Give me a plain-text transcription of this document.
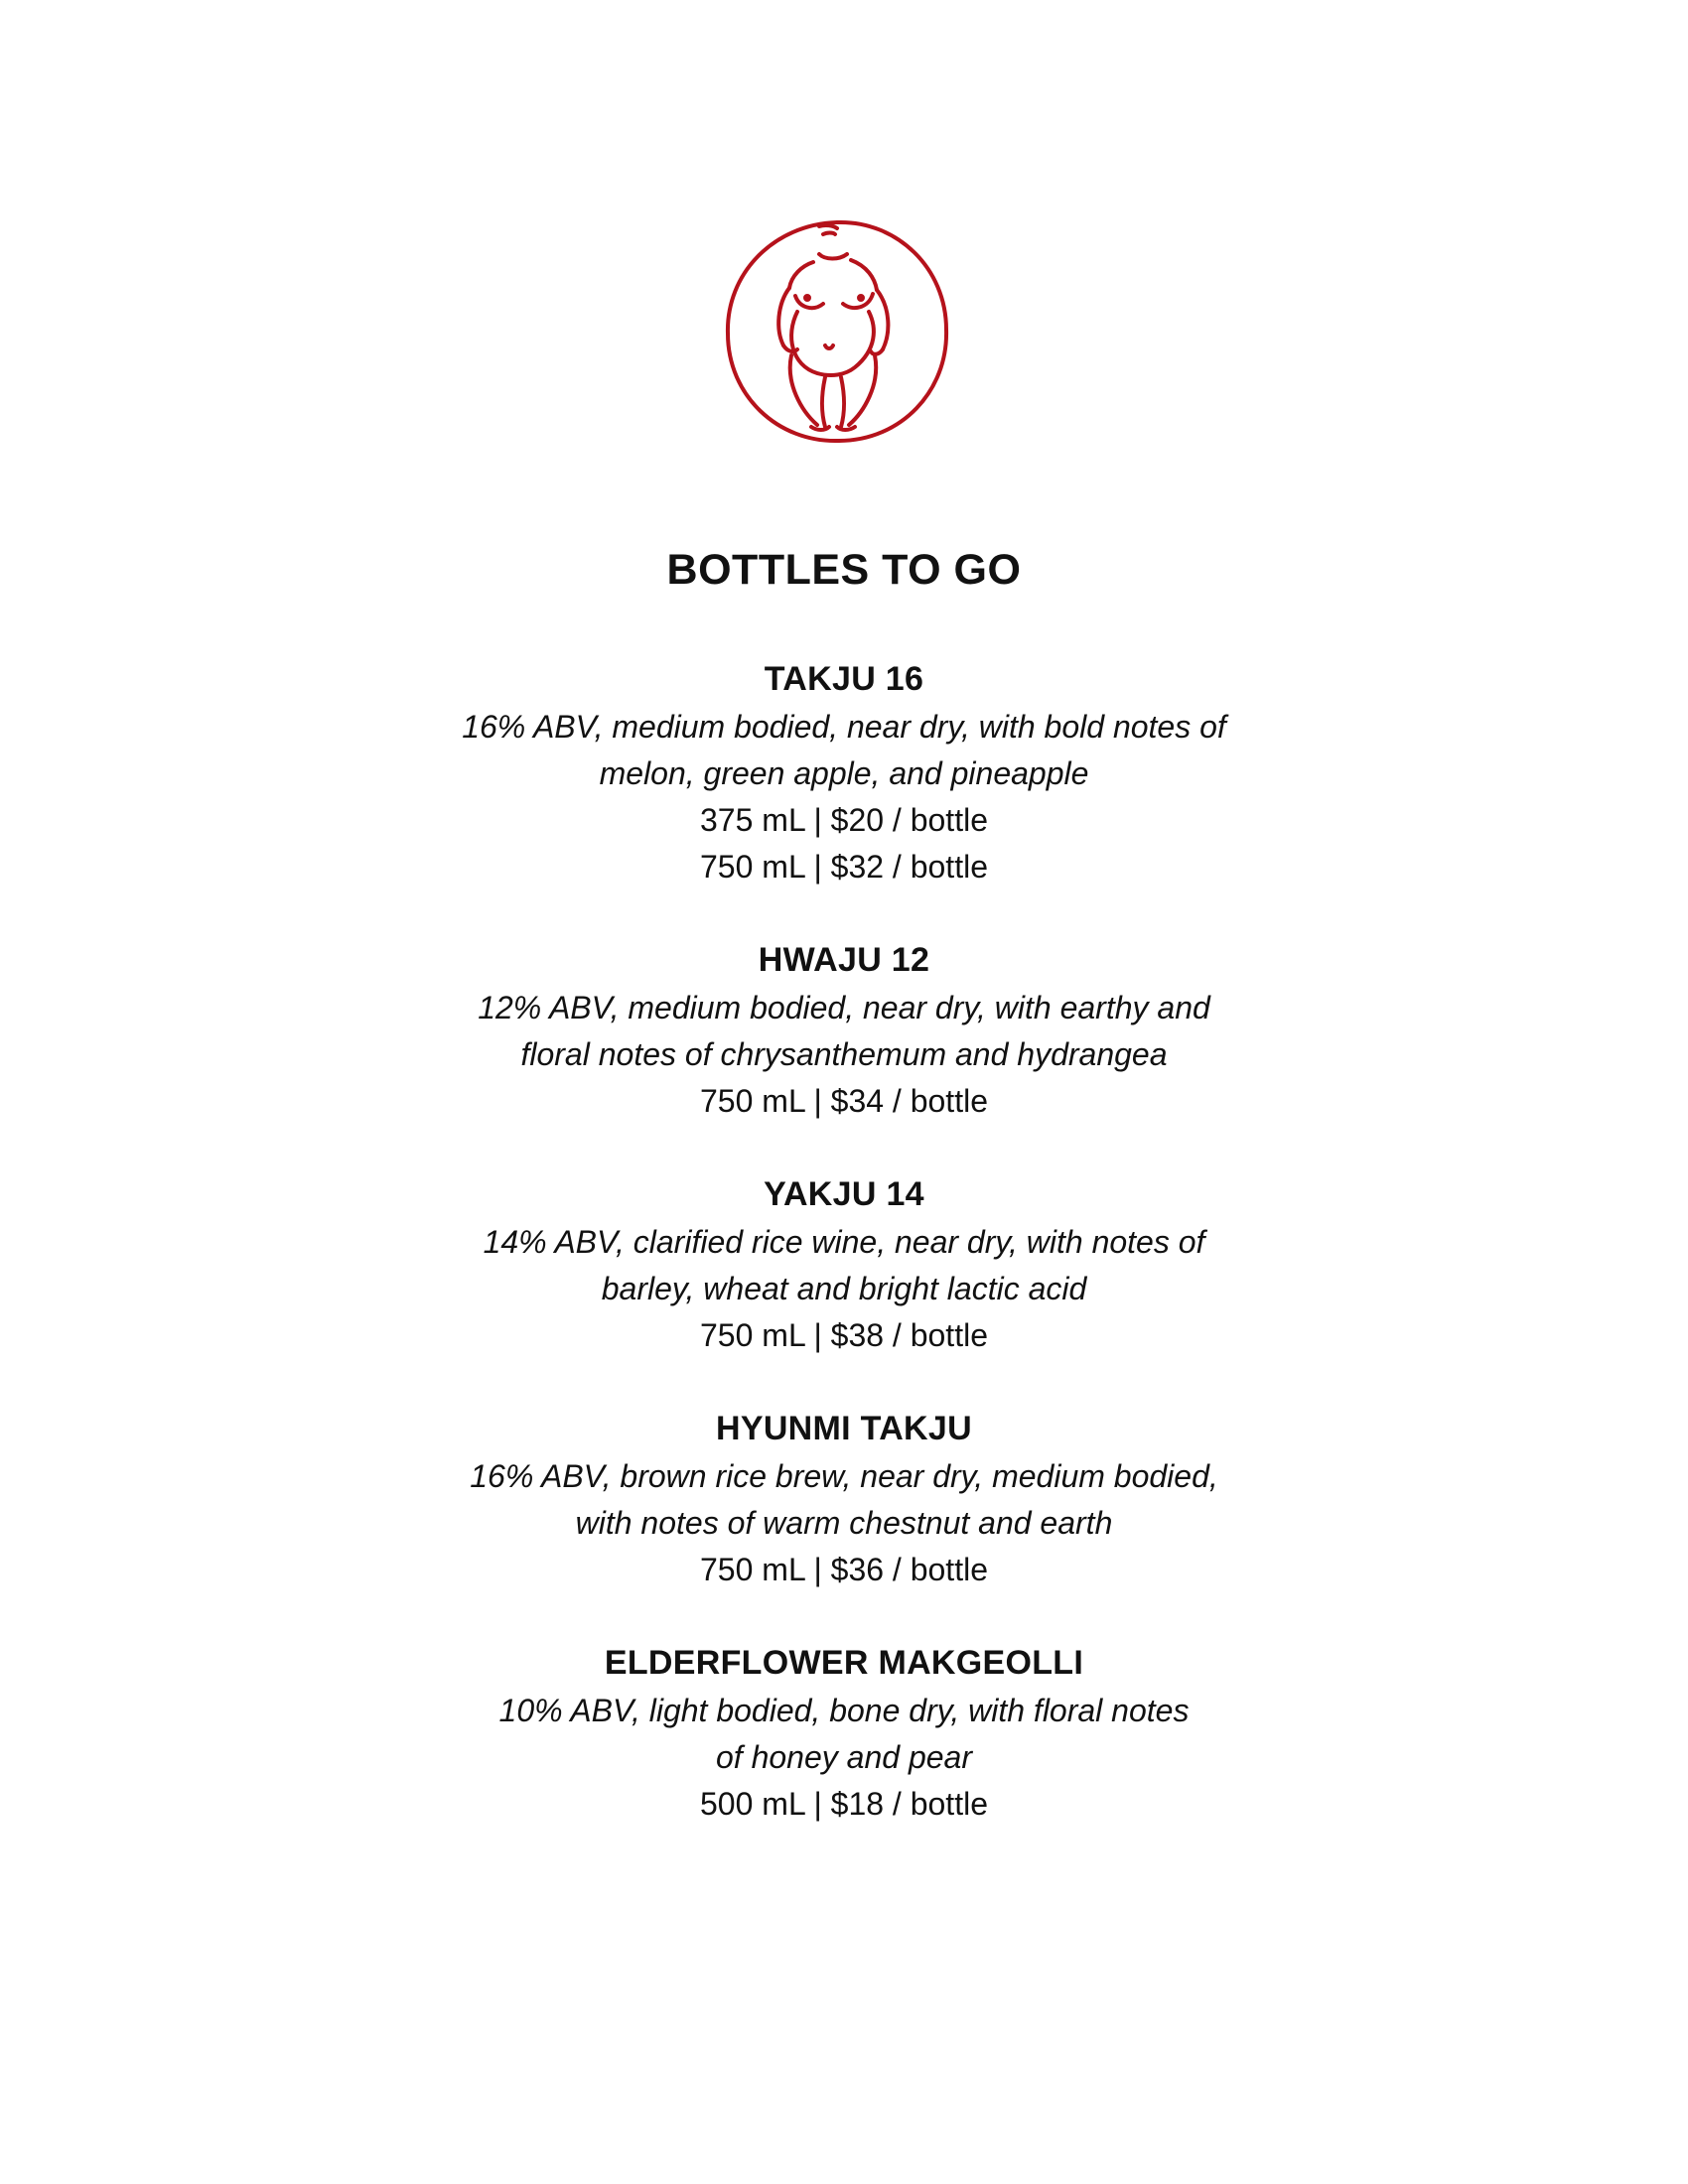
BOTTLES TO GO
TAKJU 16
16% ABV, medium bodied, near dry, with bold notes of
melon, green apple, and pineapple
375 mL | $20 / bottle
750 mL | $32 / bottle
HWAJU 12
12% ABV, medium bodied, near dry, with earthy and
floral notes of chrysanthemum and hydrangea
750 mL | $34 / bottle
YAKJU 14
14% ABV, clarified rice wine, near dry, with notes of
barley, wheat and bright lactic acid
750 mL | $38 / bottle
HYUNMI TAKJU
16% ABV, brown rice brew, near dry, medium bodied,
with notes of warm chestnut and earth
750 mL | $36 / bottle
ELDERFLOWER MAKGEOLLI
10% ABV, light bodied, bone dry, with floral notes
of honey and pear
500 mL | $18 / bottle
